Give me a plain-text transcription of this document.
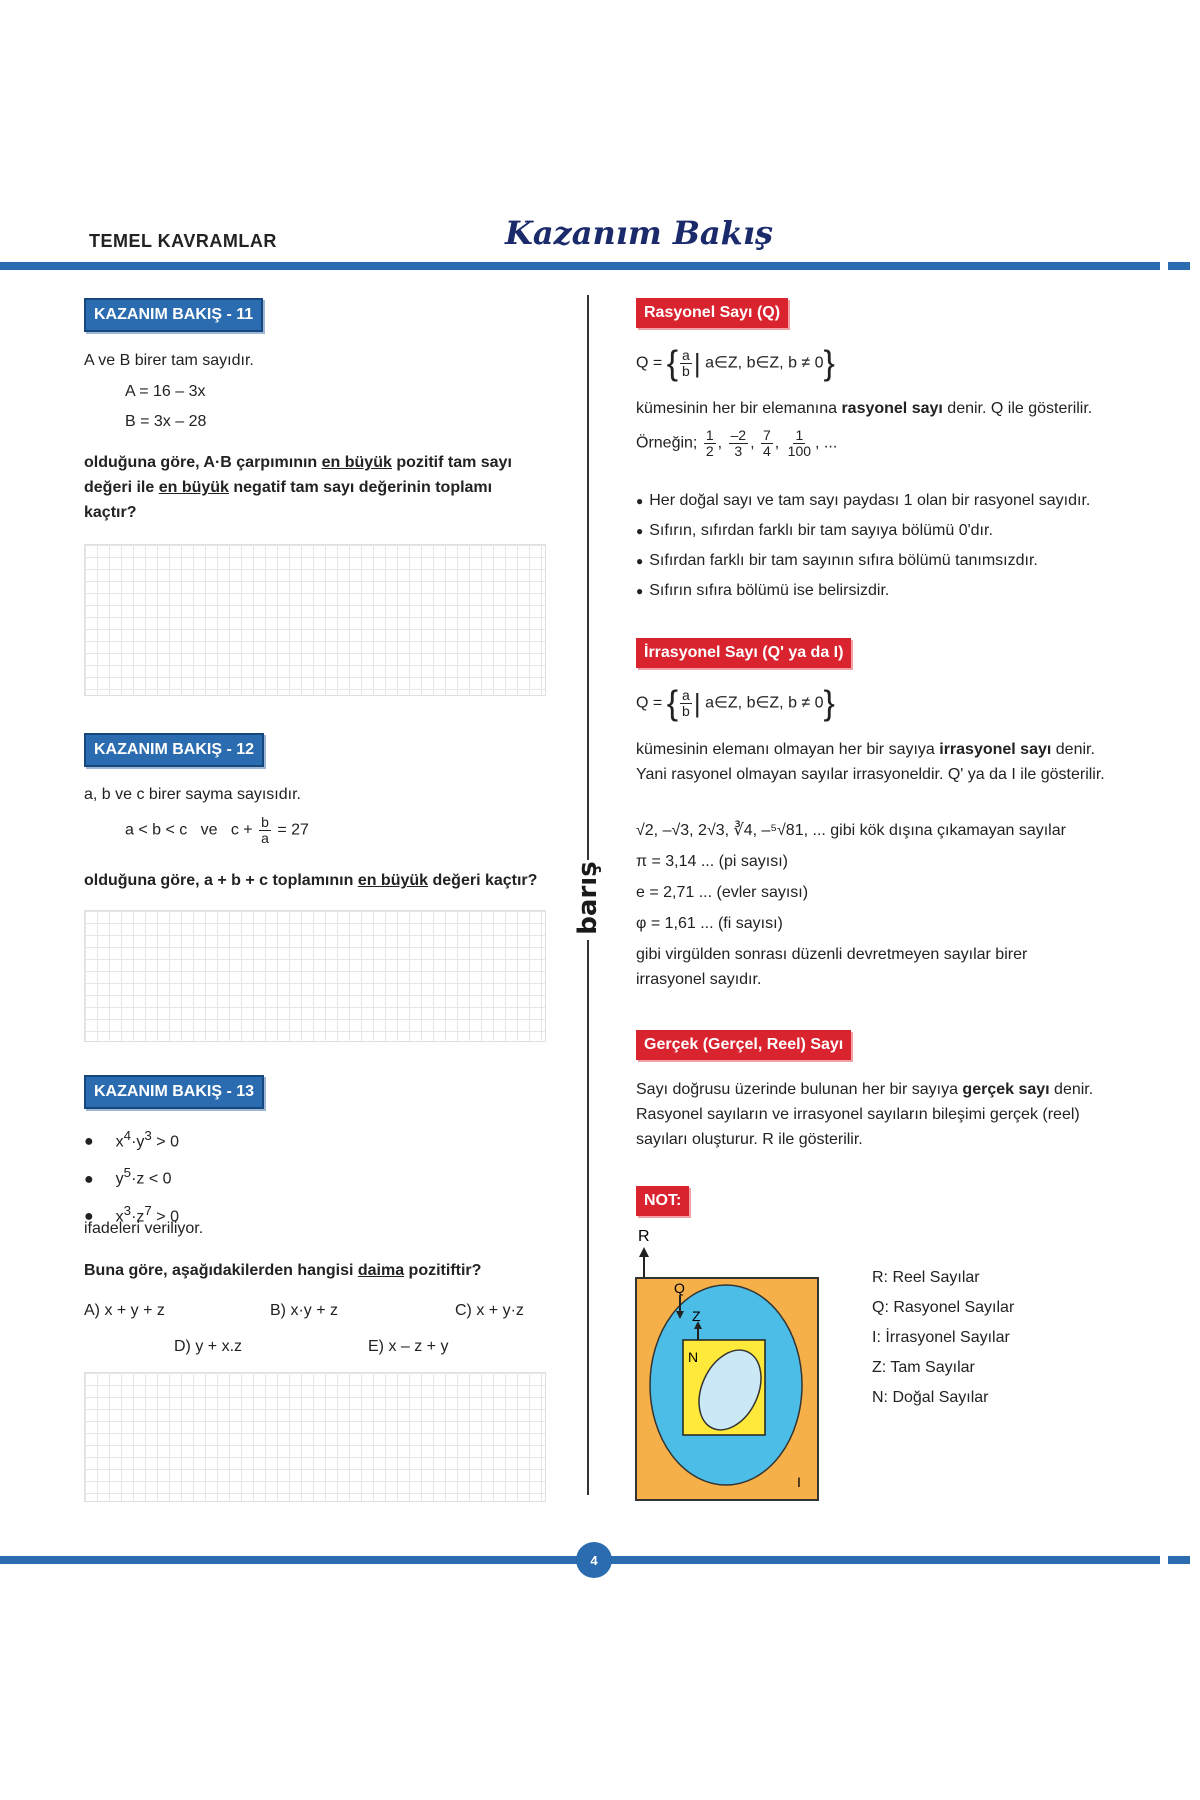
TEMEL KAVRAMLAR	Kazanım Bakış
barış
KAZANIM BAKIŞ - 11
A ve B birer tam sayıdır.
A = 16 – 3x
B = 3x – 28
olduğuna göre, A·B çarpımının en büyük pozitif tam sayı değeri ile en büyük negatif tam sayı değerinin toplamı kaçtır?
KAZANIM BAKIŞ - 12
a, b ve c birer sayma sayısıdır.
a < b < c   ve   $c + \frac{b}{a} = 27$
olduğuna göre, a + b + c toplamının en büyük değeri kaçtır?
KAZANIM BAKIŞ - 13
● $x^4\cdot y^3 > 0$
● $y^5\cdot z < 0$
● $x^3\cdot z^7 > 0$
ifadeleri veriliyor.
Buna göre, aşağıdakilerden hangisi daima pozitiftir?
A) x + y + z	B) x·y + z	C) x + y·z
D) y + x.z	E) x – z + y
Rasyonel Sayı (Q)
Q = { $\frac{a}{b}$ | a∈Z, b∈Z, b ≠ 0}
kümesinin her bir elemanına rasyonel sayı denir. Q ile gösterilir.
Örneğin; $\frac{1}{2}$ , $\frac{-2}{3}$ , $\frac{7}{4}$ , $\frac{1}{100}$ , ...
● Her doğal sayı ve tam sayı paydası 1 olan bir rasyonel sayıdır.
● Sıfırın, sıfırdan farklı bir tam sayıya bölümü 0'dır.
● Sıfırdan farklı bir tam sayının sıfıra bölümü tanımsızdır.
● Sıfırın sıfıra bölümü ise belirsizdir.
İrrasyonel Sayı (Q' ya da I)
Q = { $\frac{a}{b}$ | a∈Z, b∈Z, b ≠ 0}
kümesinin elemanı olmayan her bir sayıya irrasyonel sayı denir. Yani rasyonel olmayan sayılar irrasyoneldir. Q' ya da I ile gösterilir.
√2, –√3, 2√3, ∛4, –⁵√81, ... gibi kök dışına çıkamayan sayılar
π = 3,14 ... (pi sayısı)
e = 2,71 ... (evler sayısı)
φ = 1,61 ... (fi sayısı)
gibi virgülden sonrası düzenli devretmeyen sayılar birer irrasyonel sayıdır.
Gerçek (Gerçel, Reel) Sayı
Sayı doğrusu üzerinde bulunan her bir sayıya gerçek sayı denir. Rasyonel sayıların ve irrasyonel sayıların bileşimi gerçek (reel) sayıları oluşturur. R ile gösterilir.
NOT:
R
Q
Z
N
I
R: Reel Sayılar
Q: Rasyonel Sayılar
I: İrrasyonel Sayılar
Z: Tam Sayılar
N: Doğal Sayılar
4
